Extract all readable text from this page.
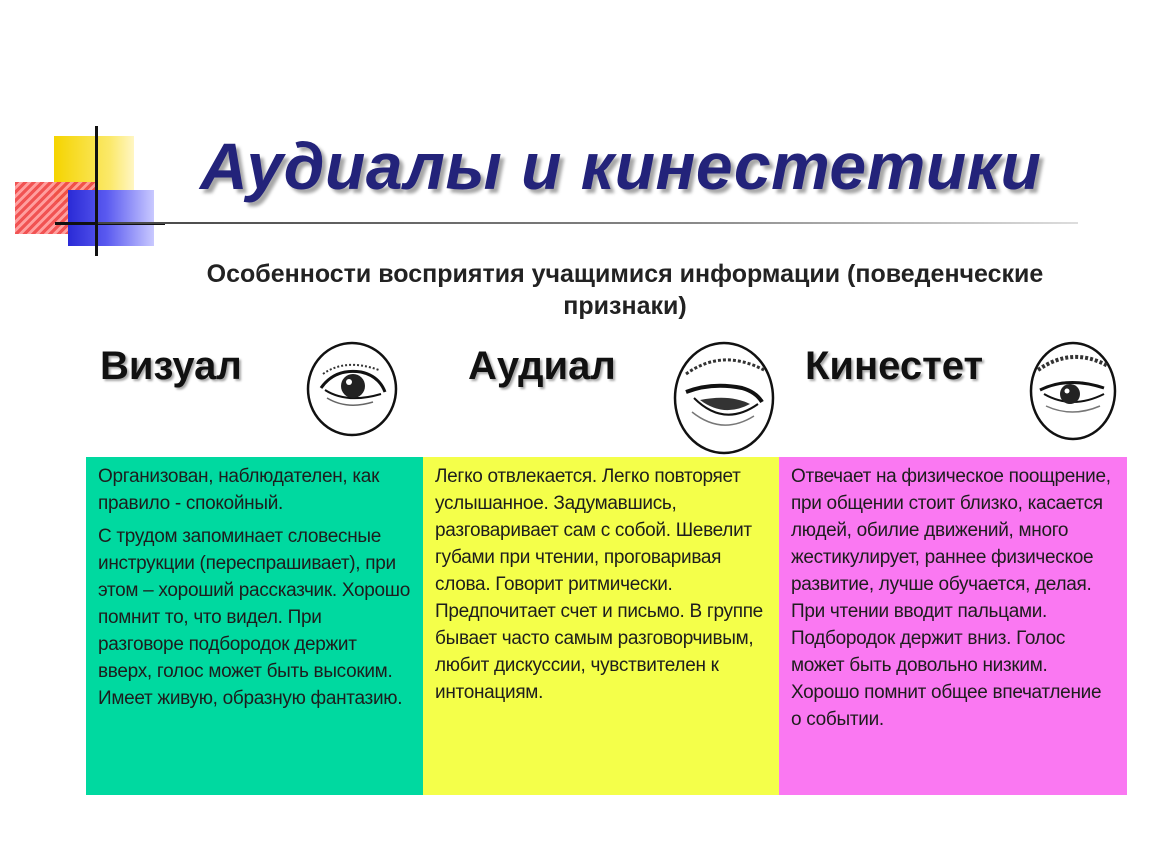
Аудиалы и кинестетики
Особенности восприятия учащимися информации (поведенческие признаки)
Визуал	Аудиал	Кинестет

Организован, наблюдателен, как правило - спокойный.

С трудом запоминает словесные инструкции (переспрашивает), при этом – хороший рассказчик. Хорошо помнит то, что видел. При разговоре подбородок держит вверх, голос может быть высоким. Имеет живую, образную фантазию.

Легко отвлекается. Легко повторяет услышанное. Задумавшись, разговаривает сам с собой. Шевелит губами при чтении, проговаривая слова. Говорит ритмически. Предпочитает счет и письмо. В группе бывает часто самым разговорчивым, любит дискуссии, чувствителен к интонациям.

Отвечает на физическое поощрение, при общении стоит близко, касается людей, обилие движений, много жестикулирует, раннее физическое развитие, лучше обучается, делая. При чтении вводит пальцами. Подбородок держит вниз. Голос может быть довольно низким. Хорошо помнит общее впечатление о событии.
